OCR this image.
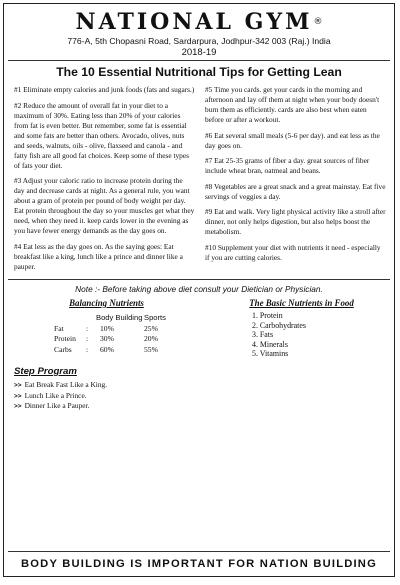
NATIONAL GYM®
776-A, 5th Chopasni Road, Sardarpura, Jodhpur-342 003 (Raj.) India
2018-19
The 10 Essential Nutritional Tips for Getting Lean

#1 Eliminate empty calories and junk foods (fats and sugars.)

#2 Reduce the amount of overall fat in your diet to a maximum of 30%. Eating less than 20% of your calories from fat is even better. But remember, some fat is essential and some fats are better than others. Avocado, olives, nuts and seeds, walnuts, oils - olive, flaxseed and canola - and fatty fish are all good fat choices. Keep some of these types of fats your diet.

#3 Adjust your caloric ratio to increase protein during the day and decrease cards at night. As a general rule, you want about a gram of protein per pound of body weight per day. Eat protein throughout the day so your muscles get what they need, when they need it. keep cards lower in the evening as you have fewer energy demands as the day goes on.

#4 Eat less as the day goes on. As the saying goes: Eat breakfast like a king, lunch like a prince and dinner like a pauper.

#5 Time you cards. get your cards in the morning and afternoon and lay off them at night when your body doesn't burn them as efficiently. cards are also best when eaten before or after a workout.

#6 Eat several small meals (5-6 per day). and eat less as the day goes on.

#7 Eat 25-35 grams of fiber a day. great sources of fiber include wheat bran, oatmeal and beans.

#8 Vegetables are a great snack and a great mainstay. Eat five servings of veggies a day.

#9 Eat and walk. Very light physical activity like a stroll after dinner, not only helps digestion, but also helps boost the metabolism.

#10 Supplement your diet with nutrients it need - especially if you are cutting calories.

Note :- Before taking above diet consult your Dietician or Physician.
Balancing Nutrients
		Body Building	Sports
Fat	:	10%	25%
Protein	:	30%	20%
Carbs	:	60%	55%
The Basic Nutrients in Food
1. Protein
2. Carbohydrates
3. Fats
4. Minerals
5. Vitamins
Step Program
>> Eat Break Fast Like a King.
>> Lunch Like a Prince.
>> Dinner Like a Pauper.
BODY BUILDING IS IMPORTANT FOR NATION BUILDING
